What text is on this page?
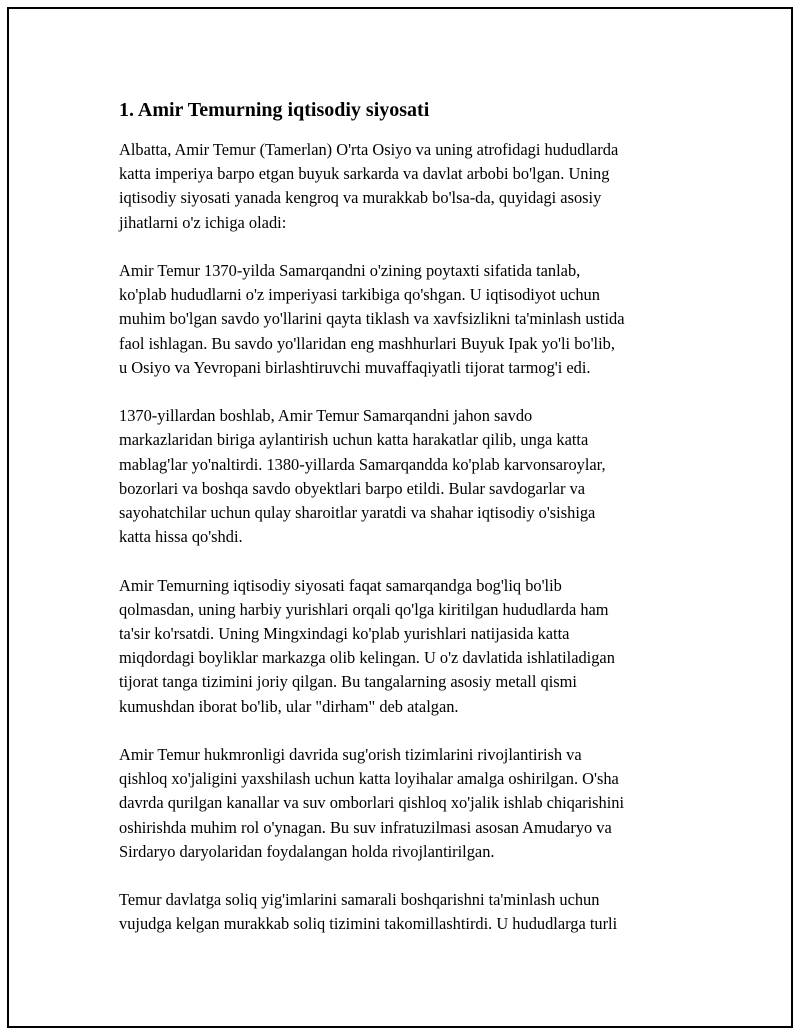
1. Amir Temurning iqtisodiy siyosati
Albatta, Amir Temur (Tamerlan) O'rta Osiyo va uning atrofidagi hududlarda
katta imperiya barpo etgan buyuk sarkarda va davlat arbobi bo'lgan. Uning
iqtisodiy siyosati yanada kengroq va murakkab bo'lsa-da, quyidagi asosiy
jihatlarni o'z ichiga oladi:
Amir Temur 1370-yilda Samarqandni o'zining poytaxti sifatida tanlab,
ko'plab hududlarni o'z imperiyasi tarkibiga qo'shgan. U iqtisodiyot uchun
muhim bo'lgan savdo yo'llarini qayta tiklash va xavfsizlikni ta'minlash ustida
faol ishlagan. Bu savdo yo'llaridan eng mashhurlari Buyuk Ipak yo'li bo'lib,
u Osiyo va Yevropani birlashtiruvchi muvaffaqiyatli tijorat tarmog'i edi.
1370-yillardan boshlab, Amir Temur Samarqandni jahon savdo
markazlaridan biriga aylantirish uchun katta harakatlar qilib, unga katta
mablag'lar yo'naltirdi. 1380-yillarda Samarqandda ko'plab karvonsaroylar,
bozorlari va boshqa savdo obyektlari barpo etildi. Bular savdogarlar va
sayohatchilar uchun qulay sharoitlar yaratdi va shahar iqtisodiy o'sishiga
katta hissa qo'shdi.
Amir Temurning iqtisodiy siyosati faqat samarqandga bog'liq bo'lib
qolmasdan, uning harbiy yurishlari orqali qo'lga kiritilgan hududlarda ham
ta'sir ko'rsatdi. Uning Mingxindagi ko'plab yurishlari natijasida katta
miqdordagi boyliklar markazga olib kelingan. U o'z davlatida ishlatiladigan
tijorat tanga tizimini joriy qilgan. Bu tangalarning asosiy metall qismi
kumushdan iborat bo'lib, ular "dirham" deb atalgan.
Amir Temur hukmronligi davrida sug'orish tizimlarini rivojlantirish va
qishloq xo'jaligini yaxshilash uchun katta loyihalar amalga oshirilgan. O'sha
davrda qurilgan kanallar va suv omborlari qishloq xo'jalik ishlab chiqarishini
oshirishda muhim rol o'ynagan. Bu suv infratuzilmasi asosan Amudaryo va
Sirdaryo daryolaridan foydalangan holda rivojlantirilgan.
Temur davlatga soliq yig'imlarini samarali boshqarishni ta'minlash uchun
vujudga kelgan murakkab soliq tizimini takomillashtirdi. U hududlarga turli
